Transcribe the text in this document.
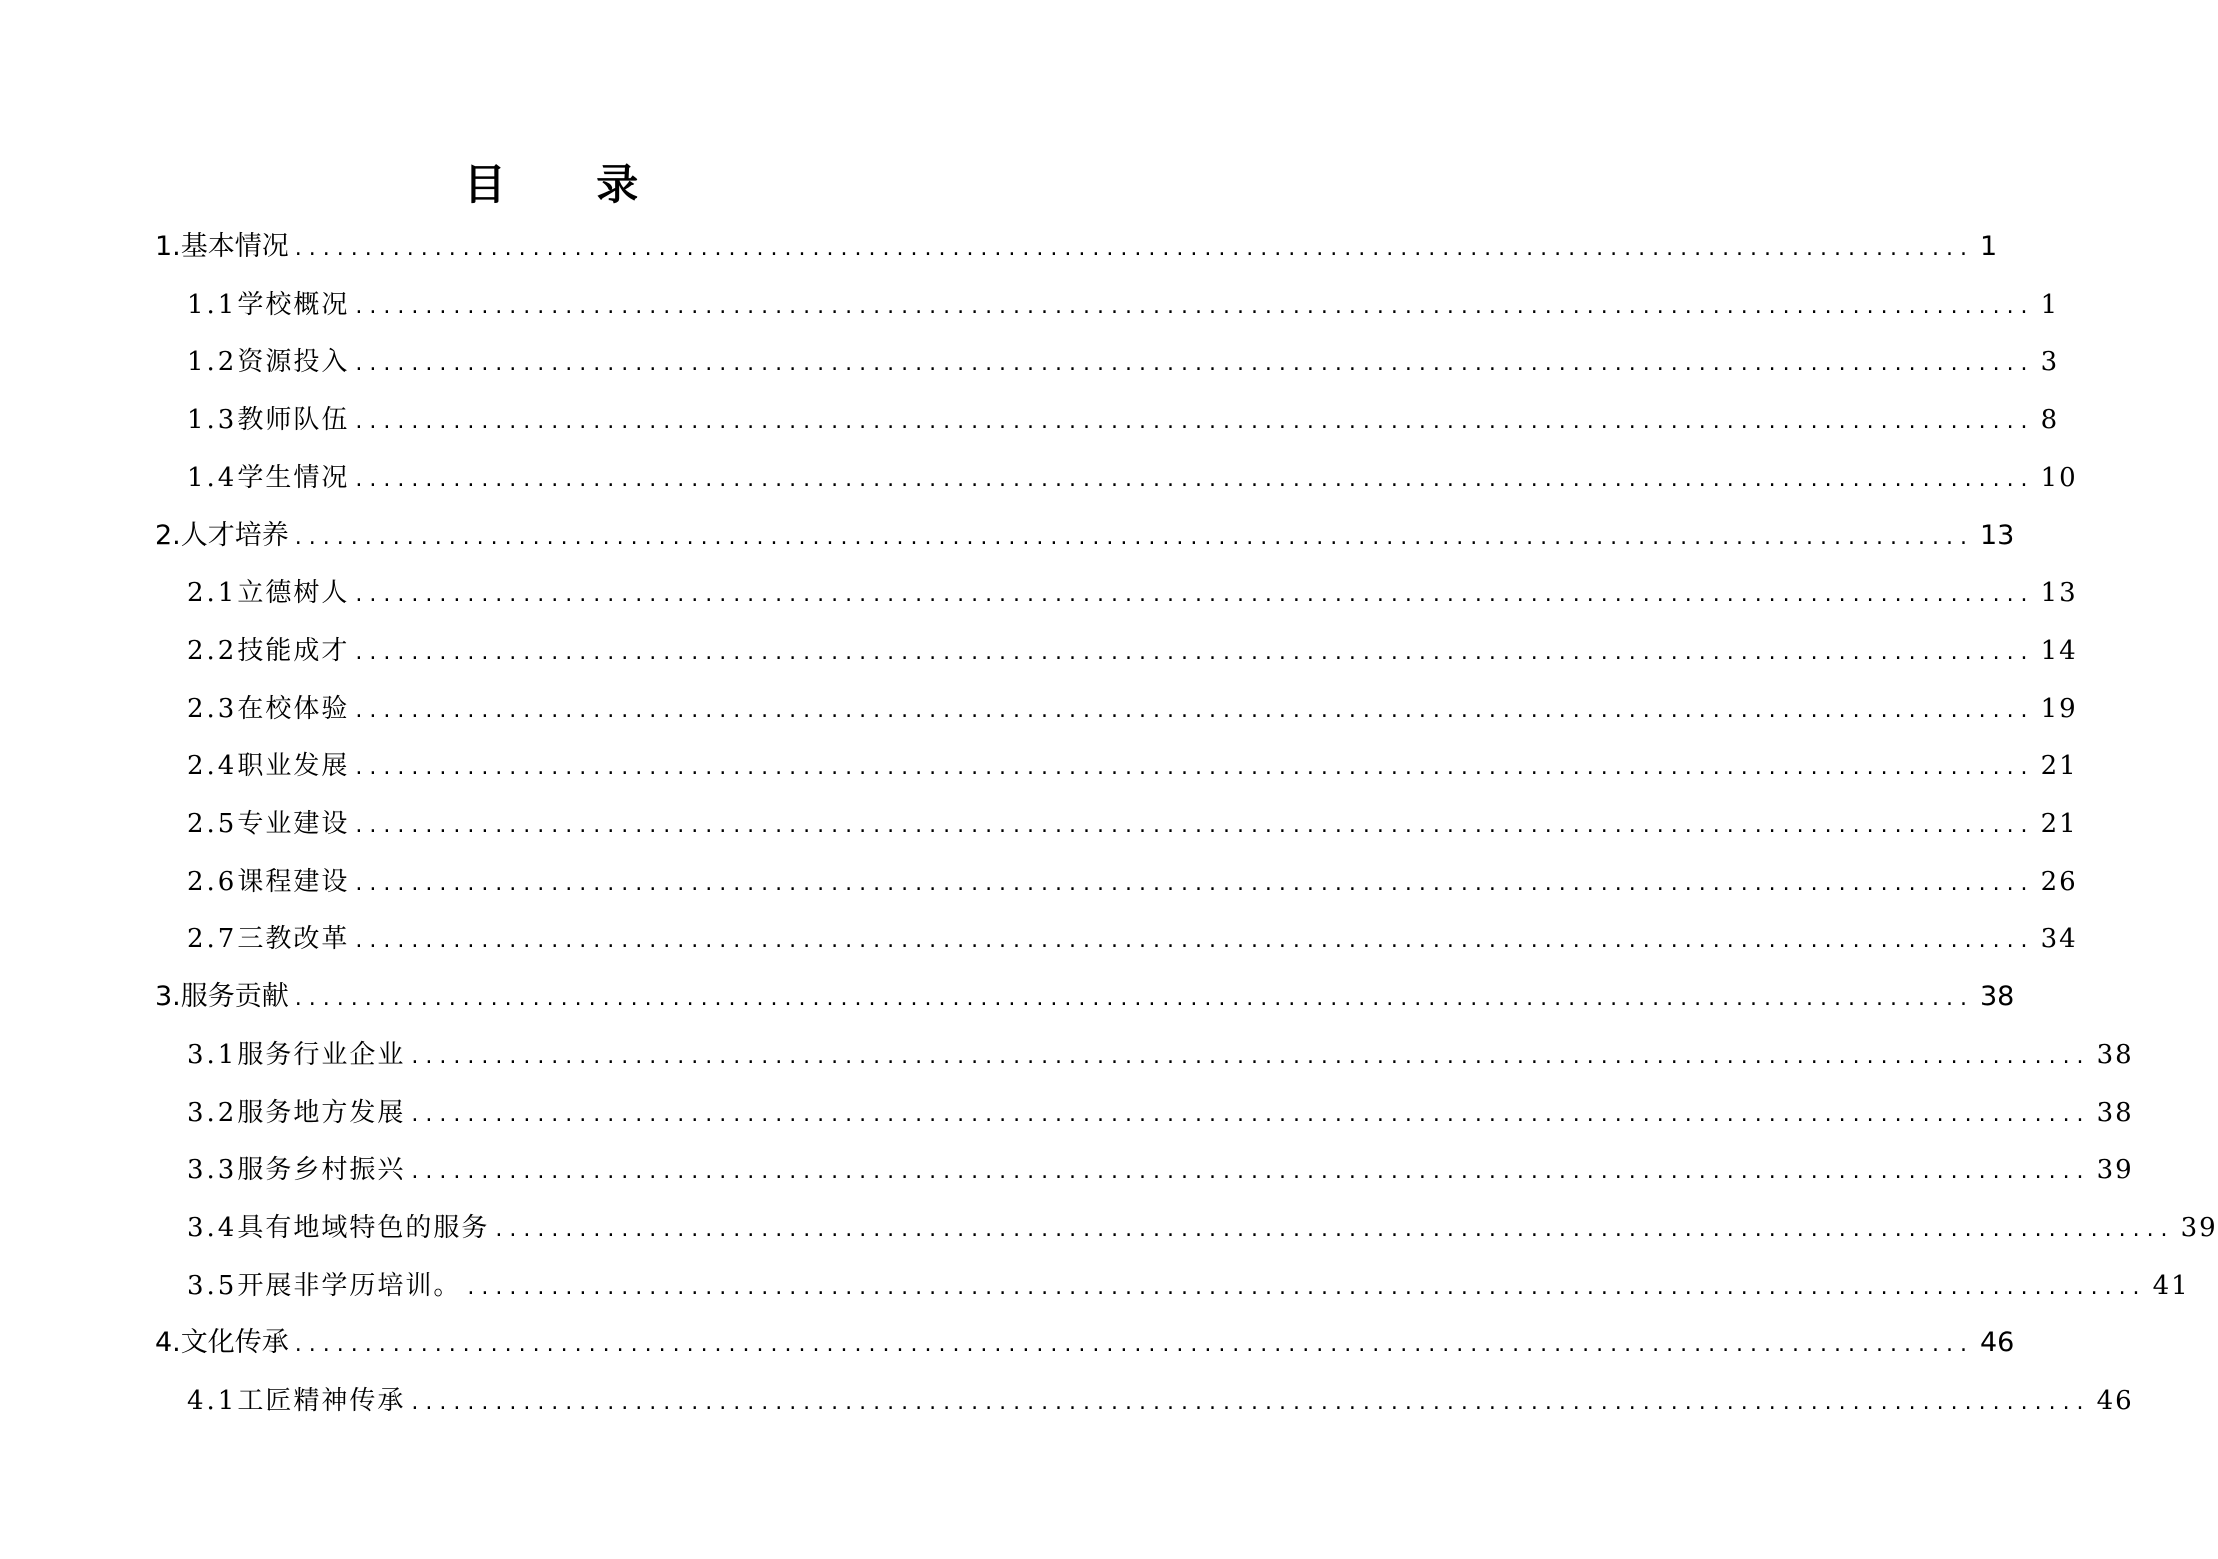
目 录
1. 基本情况 ........................................................................................................................ 1
1.1 学校概况 ........................................................................................................................ 1
1.2 资源投入 ........................................................................................................................ 3
1.3 教师队伍 ........................................................................................................................ 8
1.4 学生情况 ........................................................................................................................ 10
2. 人才培养 ........................................................................................................................ 13
2.1 立德树人 ........................................................................................................................ 13
2.2 技能成才 ........................................................................................................................ 14
2.3 在校体验 ........................................................................................................................ 19
2.4 职业发展 ........................................................................................................................ 21
2.5 专业建设 ........................................................................................................................ 21
2.6 课程建设 ........................................................................................................................ 26
2.7 三教改革 ........................................................................................................................ 34
3. 服务贡献 ........................................................................................................................ 38
3.1 服务行业企业 ........................................................................................................................ 38
3.2 服务地方发展 ........................................................................................................................ 38
3.3 服务乡村振兴 ........................................................................................................................ 39
3.4 具有地域特色的服务 ........................................................................................................................ 39
3.5 开展非学历培训。 ........................................................................................................................ 41
4. 文化传承 ........................................................................................................................ 46
4.1 工匠精神传承 ........................................................................................................................ 46
